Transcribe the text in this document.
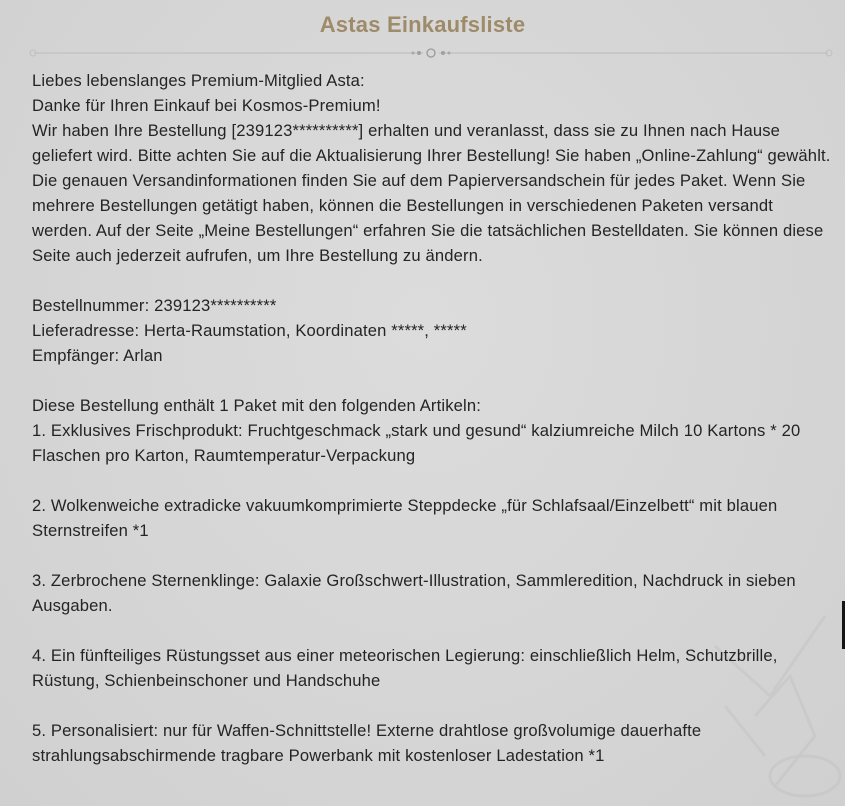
Astas Einkaufsliste

Liebes lebenslanges Premium-Mitglied Asta:

Danke für Ihren Einkauf bei Kosmos-Premium!

Wir haben Ihre Bestellung [239123**********] erhalten und veranlasst, dass sie zu Ihnen nach Hause geliefert wird. Bitte achten Sie auf die Aktualisierung Ihrer Bestellung! Sie haben „Online-Zahlung“ gewählt. Die genauen Versandinformationen finden Sie auf dem Papierversandschein für jedes Paket. Wenn Sie mehrere Bestellungen getätigt haben, können die Bestellungen in verschiedenen Paketen versandt werden. Auf der Seite „Meine Bestellungen“ erfahren Sie die tatsächlichen Bestelldaten. Sie können diese Seite auch jederzeit aufrufen, um Ihre Bestellung zu ändern.

Bestellnummer: 239123**********

Lieferadresse: Herta-Raumstation, Koordinaten *****, *****

Empfänger: Arlan

Diese Bestellung enthält 1 Paket mit den folgenden Artikeln:

1. Exklusives Frischprodukt: Fruchtgeschmack „stark und gesund“ kalziumreiche Milch 10 Kartons * 20 Flaschen pro Karton, Raumtemperatur-Verpackung

2. Wolkenweiche extradicke vakuumkomprimierte Steppdecke „für Schlafsaal/Einzelbett“ mit blauen Sternstreifen *1

3. Zerbrochene Sternenklinge: Galaxie Großschwert-Illustration, Sammleredition, Nachdruck in sieben Ausgaben.

4. Ein fünfteiliges Rüstungsset aus einer meteorischen Legierung: einschließlich Helm, Schutzbrille, Rüstung, Schienbeinschoner und Handschuhe

5. Personalisiert: nur für Waffen-Schnittstelle! Externe drahtlose großvolumige dauerhafte strahlungsabschirmende tragbare Powerbank mit kostenloser Ladestation *1
